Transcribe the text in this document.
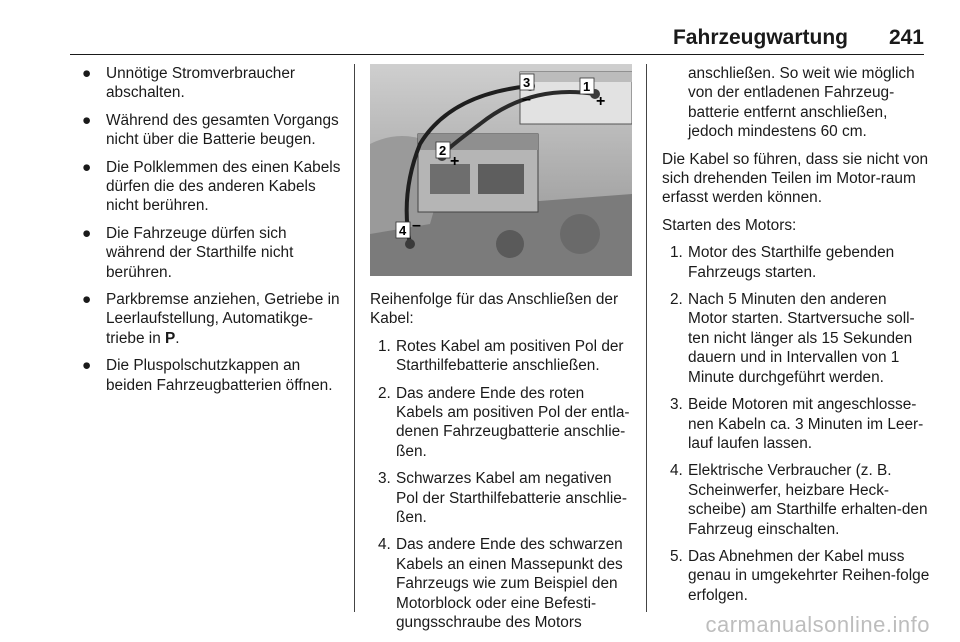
Fahrzeugwartung 241
● Unnötige Stromverbraucher abschalten.
● Während des gesamten Vorgangs nicht über die Batterie beugen.
● Die Polklemmen des einen Kabels dürfen die des anderen Kabels nicht berühren.
● Die Fahrzeuge dürfen sich während der Starthilfe nicht berühren.
● Parkbremse anziehen, Getriebe in Leerlaufstellung, Automatikge-triebe in P.
● Die Pluspolschutzkappen an beiden Fahrzeugbatterien öffnen.
1
+
2
+
3
–
4 –

Reihenfolge für das Anschließen der Kabel:

1. Rotes Kabel am positiven Pol der Starthilfebatterie anschließen.
2. Das andere Ende des roten Kabels am positiven Pol der entla-denen Fahrzeugbatterie anschlie-ßen.
3. Schwarzes Kabel am negativen Pol der Starthilfebatterie anschlie-ßen.
4. Das andere Ende des schwarzen Kabels an einen Massepunkt des Fahrzeugs wie zum Beispiel den Motorblock oder eine Befesti-gungsschraube des Motors
anschließen. So weit wie möglich von der entladenen Fahrzeug-batterie entfernt anschließen, jedoch mindestens 60 cm.

Die Kabel so führen, dass sie nicht von sich drehenden Teilen im Motor-raum erfasst werden können.

Starten des Motors:

1. Motor des Starthilfe gebenden Fahrzeugs starten.
2. Nach 5 Minuten den anderen Motor starten. Startversuche soll-ten nicht länger als 15 Sekunden dauern und in Intervallen von 1 Minute durchgeführt werden.
3. Beide Motoren mit angeschlosse-nen Kabeln ca. 3 Minuten im Leer-lauf laufen lassen.
4. Elektrische Verbraucher (z. B. Scheinwerfer, heizbare Heck-scheibe) am Starthilfe erhalten-den Fahrzeug einschalten.
5. Das Abnehmen der Kabel muss genau in umgekehrter Reihen-folge erfolgen.
carmanualsonline.info
